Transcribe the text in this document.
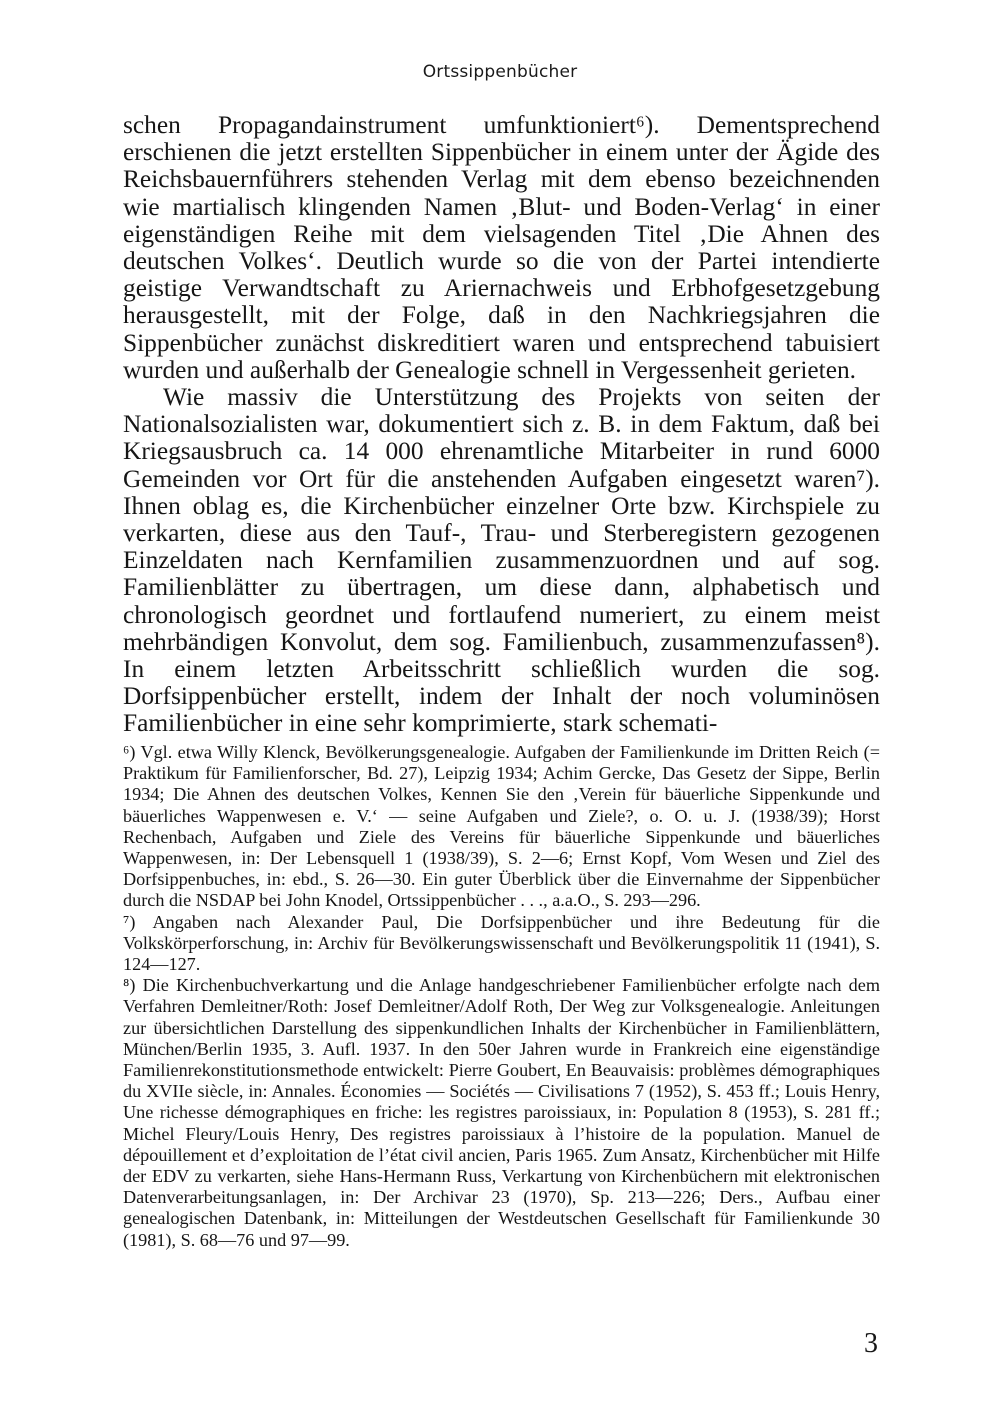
Ortssippenbücher

schen Propagandainstrument umfunktioniert⁶). Dementsprechend erschienen die jetzt erstellten Sippenbücher in einem unter der Ägide des Reichsbauernführers stehenden Verlag mit dem ebenso bezeichnenden wie martialisch klingenden Namen ‚Blut- und Boden-Verlag‘ in einer eigenständigen Reihe mit dem vielsagenden Titel ‚Die Ahnen des deutschen Volkes‘. Deutlich wurde so die von der Partei intendierte geistige Verwandtschaft zu Ariernachweis und Erbhofgesetzgebung herausgestellt, mit der Folge, daß in den Nachkriegsjahren die Sippenbücher zunächst diskreditiert waren und entsprechend tabuisiert wurden und außerhalb der Genealogie schnell in Vergessenheit gerieten.

Wie massiv die Unterstützung des Projekts von seiten der Nationalsozialisten war, dokumentiert sich z. B. in dem Faktum, daß bei Kriegsausbruch ca. 14 000 ehrenamtliche Mitarbeiter in rund 6000 Gemeinden vor Ort für die anstehenden Aufgaben eingesetzt waren⁷). Ihnen oblag es, die Kirchenbücher einzelner Orte bzw. Kirchspiele zu verkarten, diese aus den Tauf-, Trau- und Sterberegistern gezogenen Einzeldaten nach Kernfamilien zusammenzuordnen und auf sog. Familienblätter zu übertragen, um diese dann, alphabetisch und chronologisch geordnet und fortlaufend numeriert, zu einem meist mehrbändigen Konvolut, dem sog. Familienbuch, zusammenzufassen⁸). In einem letzten Arbeitsschritt schließlich wurden die sog. Dorfsippenbücher erstellt, indem der Inhalt der noch voluminösen Familienbücher in eine sehr komprimierte, stark schemati-

⁶) Vgl. etwa Willy Klenck, Bevölkerungsgenealogie. Aufgaben der Familienkunde im Dritten Reich (= Praktikum für Familienforscher, Bd. 27), Leipzig 1934; Achim Gercke, Das Gesetz der Sippe, Berlin 1934; Die Ahnen des deutschen Volkes, Kennen Sie den ‚Verein für bäuerliche Sippenkunde und bäuerliches Wappenwesen e. V.‘ — seine Aufgaben und Ziele?, o. O. u. J. (1938/39); Horst Rechenbach, Aufgaben und Ziele des Vereins für bäuerliche Sippenkunde und bäuerliches Wappenwesen, in: Der Lebensquell 1 (1938/39), S. 2—6; Ernst Kopf, Vom Wesen und Ziel des Dorfsippenbuches, in: ebd., S. 26—30. Ein guter Überblick über die Einvernahme der Sippenbücher durch die NSDAP bei John Knodel, Ortssippenbücher . . ., a.a.O., S. 293—296.

⁷) Angaben nach Alexander Paul, Die Dorfsippenbücher und ihre Bedeutung für die Volkskörperforschung, in: Archiv für Bevölkerungswissenschaft und Bevölkerungspolitik 11 (1941), S. 124—127.

⁸) Die Kirchenbuchverkartung und die Anlage handgeschriebener Familienbücher erfolgte nach dem Verfahren Demleitner/Roth: Josef Demleitner/Adolf Roth, Der Weg zur Volksgenealogie. Anleitungen zur übersichtlichen Darstellung des sippenkundlichen Inhalts der Kirchenbücher in Familienblättern, München/Berlin 1935, 3. Aufl. 1937. In den 50er Jahren wurde in Frankreich eine eigenständige Familienrekonstitutionsmethode entwickelt: Pierre Goubert, En Beauvaisis: problèmes démographiques du XVIIe siècle, in: Annales. Économies — Sociétés — Civilisations 7 (1952), S. 453 ff.; Louis Henry, Une richesse démographiques en friche: les registres paroissiaux, in: Population 8 (1953), S. 281 ff.; Michel Fleury/Louis Henry, Des registres paroissiaux à l’histoire de la population. Manuel de dépouillement et d’exploitation de l’état civil ancien, Paris 1965. Zum Ansatz, Kirchenbücher mit Hilfe der EDV zu verkarten, siehe Hans-Hermann Russ, Verkartung von Kirchenbüchern mit elektronischen Datenverarbeitungsanlagen, in: Der Archivar 23 (1970), Sp. 213—226; Ders., Aufbau einer genealogischen Datenbank, in: Mitteilungen der Westdeutschen Gesellschaft für Familienkunde 30 (1981), S. 68—76 und 97—99.

3
